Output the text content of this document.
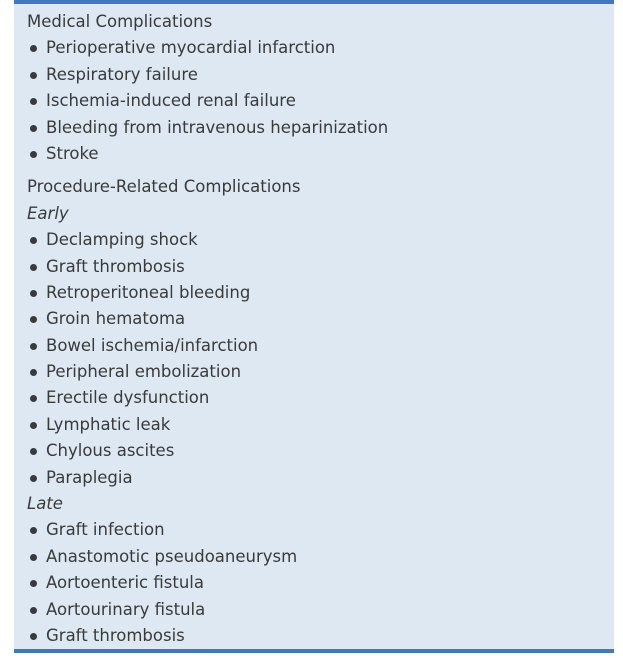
Medical Complications
Perioperative myocardial infarction
Respiratory failure
Ischemia-induced renal failure
Bleeding from intravenous heparinization
Stroke
Procedure-Related Complications
Early
Declamping shock
Graft thrombosis
Retroperitoneal bleeding
Groin hematoma
Bowel ischemia/infarction
Peripheral embolization
Erectile dysfunction
Lymphatic leak
Chylous ascites
Paraplegia
Late
Graft infection
Anastomotic pseudoaneurysm
Aortoenteric fistula
Aortourinary fistula
Graft thrombosis
